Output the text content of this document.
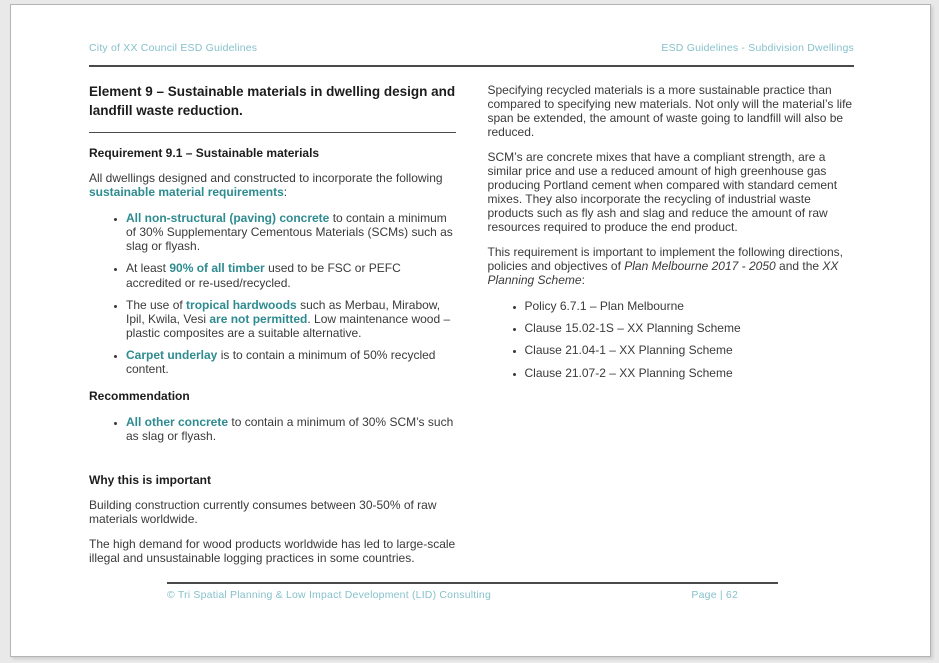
City of XX Council ESD Guidelines	ESD Guidelines - Subdivision Dwellings
Element 9 – Sustainable materials in dwelling design and landfill waste reduction.
Requirement 9.1 – Sustainable materials

All dwellings designed and constructed to incorporate the following sustainable material requirements:

• All non-structural (paving) concrete to contain a minimum of 30% Supplementary Cementous Materials (SCMs) such as slag or flyash.
• At least 90% of all timber used to be FSC or PEFC accredited or re-used/recycled.
• The use of tropical hardwoods such as Merbau, Mirabow, Ipil, Kwila, Vesi are not permitted. Low maintenance wood – plastic composites are a suitable alternative.
• Carpet underlay is to contain a minimum of 50% recycled content.
Recommendation
• All other concrete to contain a minimum of 30% SCM’s such as slag or flyash.
Why this is important

Building construction currently consumes between 30-50% of raw materials worldwide.

The high demand for wood products worldwide has led to large-scale illegal and unsustainable logging practices in some countries.

Specifying recycled materials is a more sustainable practice than compared to specifying new materials. Not only will the material’s life span be extended, the amount of waste going to landfill will also be reduced.

SCM’s are concrete mixes that have a compliant strength, are a similar price and use a reduced amount of high greenhouse gas producing Portland cement when compared with standard cement mixes. They also incorporate the recycling of industrial waste products such as fly ash and slag and reduce the amount of raw resources required to produce the end product.

This requirement is important to implement the following directions, policies and objectives of Plan Melbourne 2017 - 2050 and the XX Planning Scheme:

• Policy 6.7.1 – Plan Melbourne
• Clause 15.02-1S – XX Planning Scheme
• Clause 21.04-1 – XX Planning Scheme
• Clause 21.07-2 – XX Planning Scheme
© Tri Spatial Planning & Low Impact Development (LID) Consulting	Page | 62
